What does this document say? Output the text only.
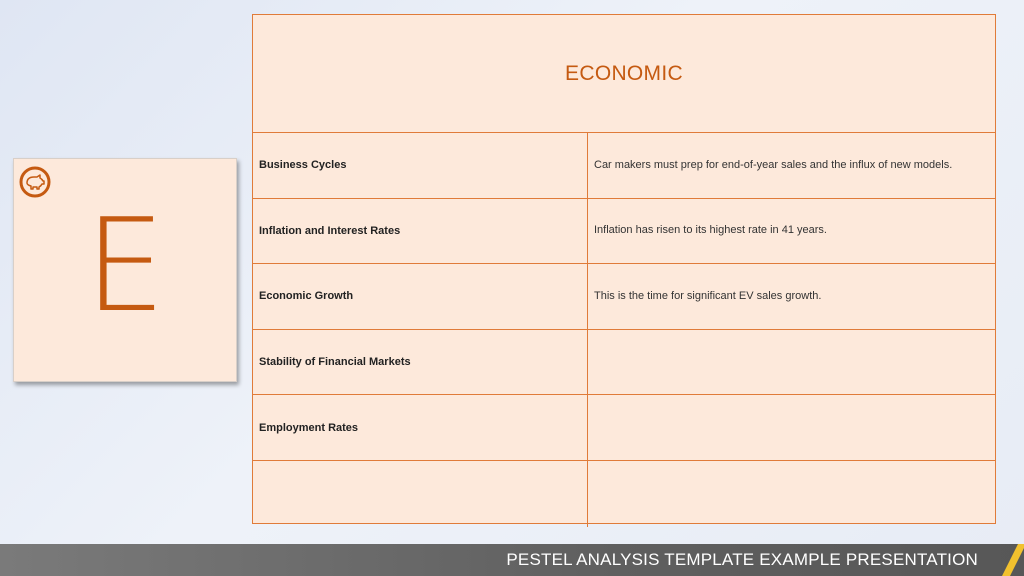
E
ECONOMIC
Business Cycles	Car makers must prep for end-of-year sales and the influx of new models.
Inflation and Interest Rates	Inflation has risen to its highest rate in 41 years.
Economic Growth	This is the time for significant EV sales growth.
Stability of Financial Markets
Employment Rates
PESTEL ANALYSIS TEMPLATE EXAMPLE PRESENTATION
